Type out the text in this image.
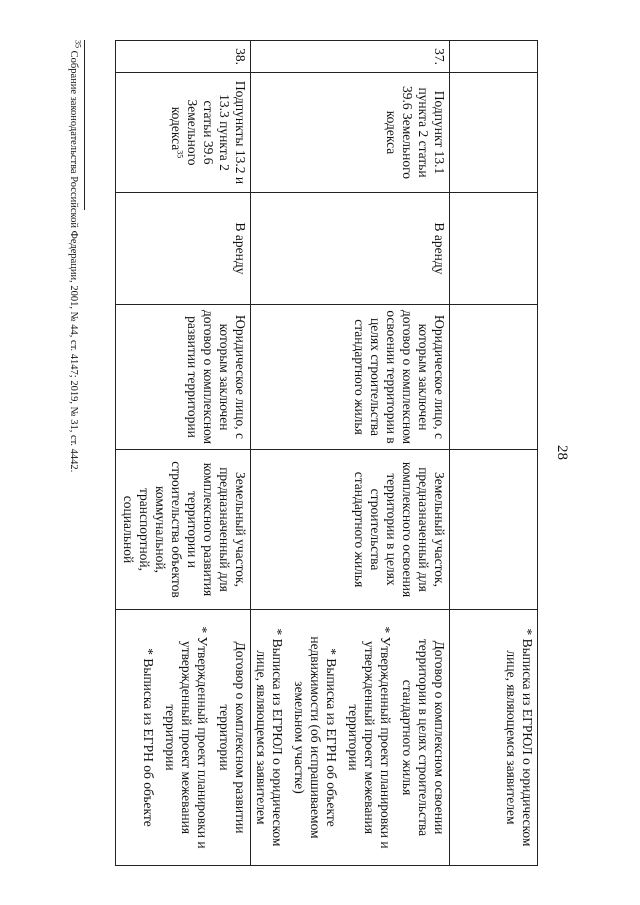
28

					* Выписка из ЕГРЮЛ о юридическом лице, являющемся заявителем

37.	Подпункт 13.1 пункта 2 статьи 39.6 Земельного кодекса	В аренду	Юридическое лицо, с которым заключен договор о комплексном освоении территории в целях строительства стандартного жилья	Земельный участок, предназначенный для комплексного освоения территории в целях строительства стандартного жилья	Договор о комплексном освоении территории в целях строительства стандартного жилья
* Утвержденный проект планировки и утвержденный проект межевания территории
* Выписка из ЕГРН об объекте недвижимости (об испрашиваемом земельном участке)
* Выписка из ЕГРЮЛ о юридическом лице, являющемся заявителем

38.	Подпункты 13.2 и 13.3 пункта 2 статьи 39.6 Земельного кодекса$^{35}$	В аренду	Юридическое лицо, с которым заключен договор о комплексном развитии территории	Земельный участок, предназначенный для комплексного развития территории и строительства объектов коммунальной, транспортной, социальной	Договор о комплексном развитии территории
* Утвержденный проект планировки и утвержденный проект межевания территории
* Выписка из ЕГРН об объекте
$^{35}$ Собрание законодательства Российской Федерации, 2001, № 44, ст. 4147; 2019, № 31, ст. 4442.
